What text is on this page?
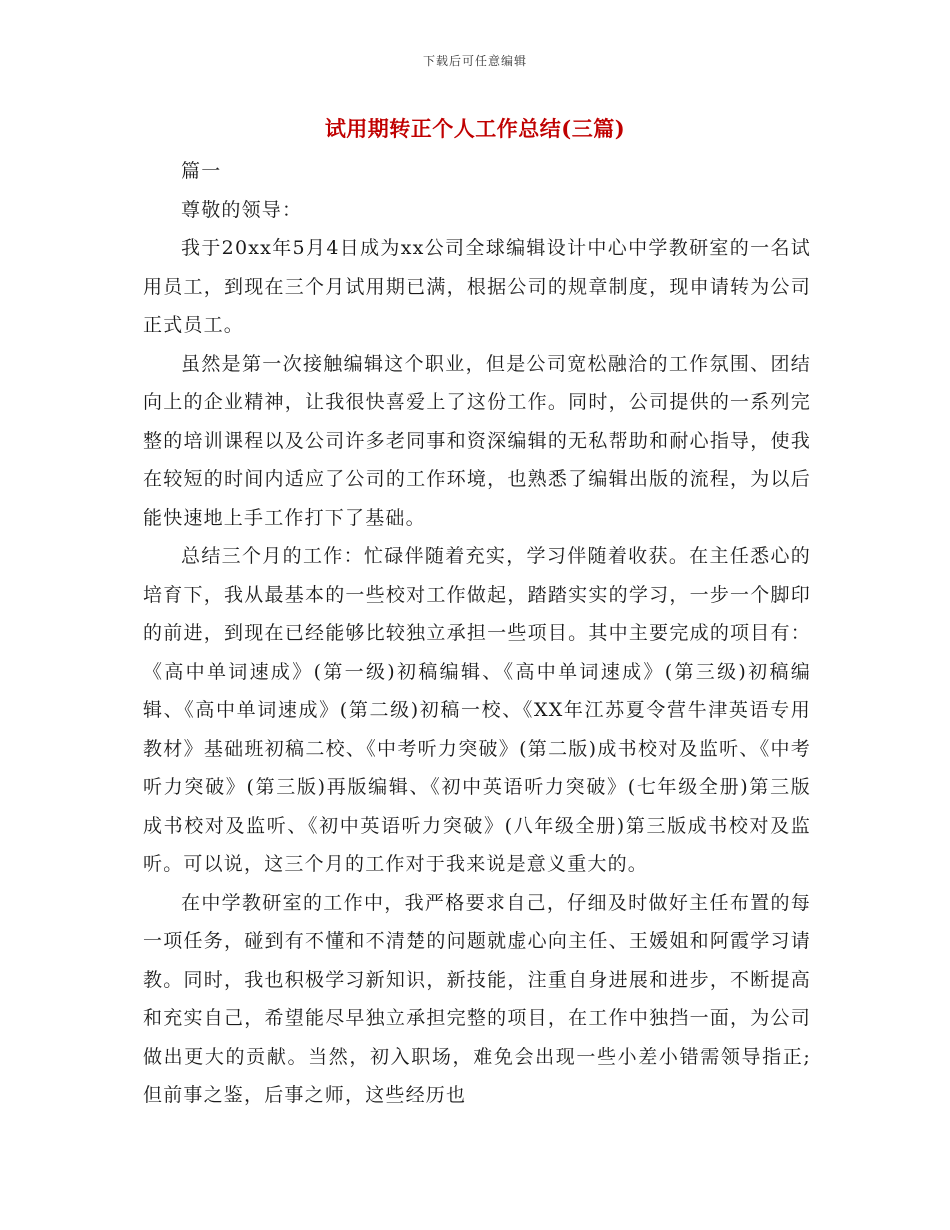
下载后可任意编辑
试用期转正个人工作总结(三篇)

篇一

尊敬的领导：

我于20xx年5月4日成为xx公司全球编辑设计中心中学教研室的一名试用员工，到现在三个月试用期已满，根据公司的规章制度，现申请转为公司正式员工。

虽然是第一次接触编辑这个职业，但是公司宽松融洽的工作氛围、团结向上的企业精神，让我很快喜爱上了这份工作。同时，公司提供的一系列完整的培训课程以及公司许多老同事和资深编辑的无私帮助和耐心指导，使我在较短的时间内适应了公司的工作环境，也熟悉了编辑出版的流程，为以后能快速地上手工作打下了基础。

总结三个月的工作：忙碌伴随着充实，学习伴随着收获。在主任悉心的培育下，我从最基本的一些校对工作做起，踏踏实实的学习，一步一个脚印的前进，到现在已经能够比较独立承担一些项目。其中主要完成的项目有：《高中单词速成》(第一级)初稿编辑、《高中单词速成》(第三级)初稿编辑、《高中单词速成》(第二级)初稿一校、《XX年江苏夏令营牛津英语专用教材》基础班初稿二校、《中考听力突破》(第二版)成书校对及监听、《中考听力突破》(第三版)再版编辑、《初中英语听力突破》(七年级全册)第三版成书校对及监听、《初中英语听力突破》(八年级全册)第三版成书校对及监听。可以说，这三个月的工作对于我来说是意义重大的。

在中学教研室的工作中，我严格要求自己，仔细及时做好主任布置的每一项任务，碰到有不懂和不清楚的问题就虚心向主任、王媛姐和阿霞学习请教。同时，我也积极学习新知识，新技能，注重自身进展和进步，不断提高和充实自己，希望能尽早独立承担完整的项目，在工作中独挡一面，为公司做出更大的贡献。当然，初入职场，难免会出现一些小差小错需领导指正;但前事之鉴，后事之师，这些经历也
